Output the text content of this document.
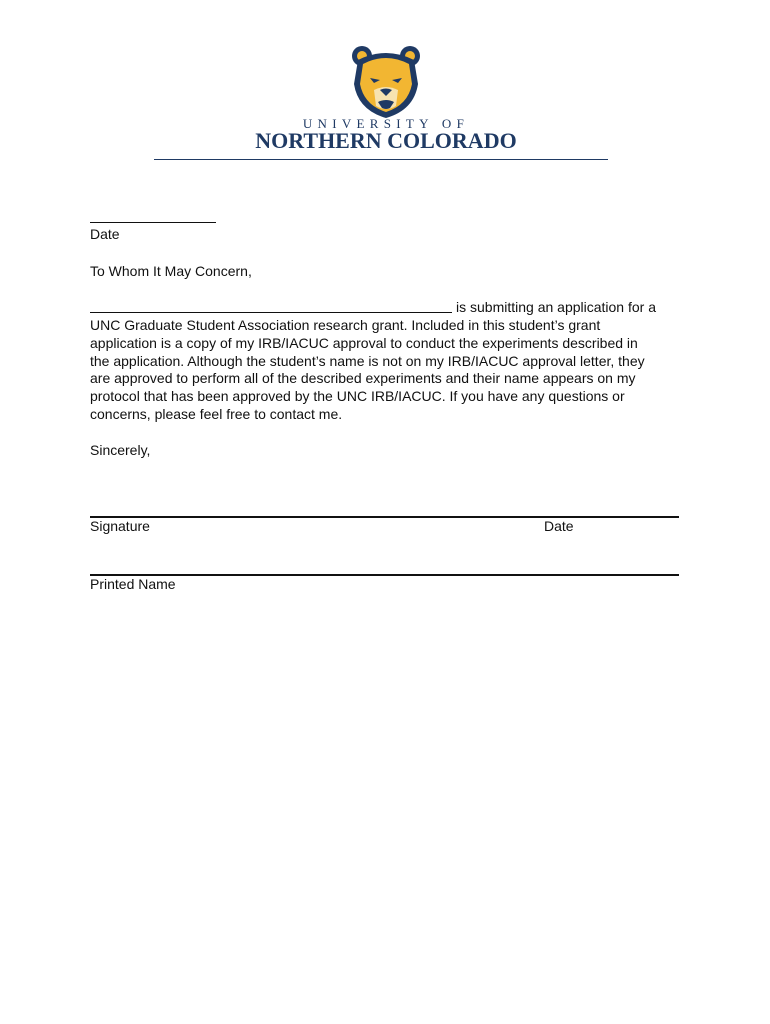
UNIVERSITY OF
NORTHERN COLORADO
Date
To Whom It May Concern,
is submitting an application for a
UNC Graduate Student Association research grant. Included in this student’s grant
application is a copy of my IRB/IACUC approval to conduct the experiments described in
the application. Although the student’s name is not on my IRB/IACUC approval letter, they
are approved to perform all of the described experiments and their name appears on my
protocol that has been approved by the UNC IRB/IACUC. If you have any questions or
concerns, please feel free to contact me.
Sincerely,
Signature	Date
Printed Name
